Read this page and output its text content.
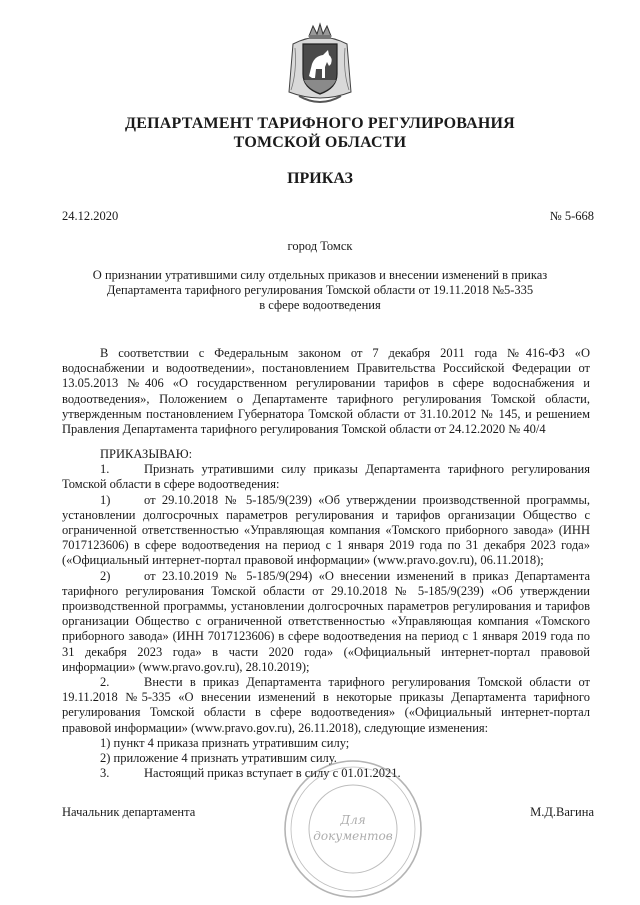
ДЕПАРТАМЕНТ ТАРИФНОГО РЕГУЛИРОВАНИЯ

ТОМСКОЙ ОБЛАСТИ

ПРИКАЗ

24.12.2020	№ 5-668

город Томск

О признании утратившими силу отдельных приказов и внесении изменений в приказ
Департамента тарифного регулирования Томской области от 19.11.2018 №5-335
в сфере водоотведения

В соответствии с Федеральным законом от 7 декабря 2011 года №416-ФЗ «О водоснабжении и водоотведении», постановлением Правительства Российской Федерации от 13.05.2013 №406 «О государственном регулировании тарифов в сфере водоснабжения и водоотведения», Положением о Департаменте тарифного регулирования Томской области, утвержденным постановлением Губернатора Томской области от 31.10.2012 № 145, и решением Правления Департамента тарифного регулирования Томской области от 24.12.2020 № 40/4

ПРИКАЗЫВАЮ:

1.	Признать утратившими силу приказы Департамента тарифного регулирования Томской области в сфере водоотведения:

1)	от 29.10.2018 № 5-185/9(239) «Об утверждении производственной программы, установлении долгосрочных параметров регулирования и тарифов организации Общество с ограниченной ответственностью «Управляющая компания «Томского приборного завода» (ИНН 7017123606) в сфере водоотведения на период с 1 января 2019 года по 31 декабря 2023 года» («Официальный интернет-портал правовой информации» (www.pravo.gov.ru), 06.11.2018);

2)	от 23.10.2019 № 5-185/9(294) «О внесении изменений в приказ Департамента тарифного регулирования Томской области от 29.10.2018 № 5-185/9(239) «Об утверждении производственной программы, установлении долгосрочных параметров регулирования и тарифов организации Общество с ограниченной ответственностью «Управляющая компания «Томского приборного завода» (ИНН 7017123606) в сфере водоотведения на период с 1 января 2019 года по 31 декабря 2023 года» в части 2020 года» («Официальный интернет-портал правовой информации» (www.pravo.gov.ru), 28.10.2019);

2.	Внести в приказ Департамента тарифного регулирования Томской области от 19.11.2018 №5-335 «О внесении изменений в некоторые приказы Департамента тарифного регулирования Томской области в сфере водоотведения» («Официальный интернет-портал правовой информации» (www.pravo.gov.ru), 26.11.2018), следующие изменения:

1) пункт 4 приказа признать утратившим силу;

2) приложение 4 признать утратившим силу.

3.	Настоящий приказ вступает в силу с 01.01.2021.

Начальник департамента	М.Д.Вагина

Для
документов
